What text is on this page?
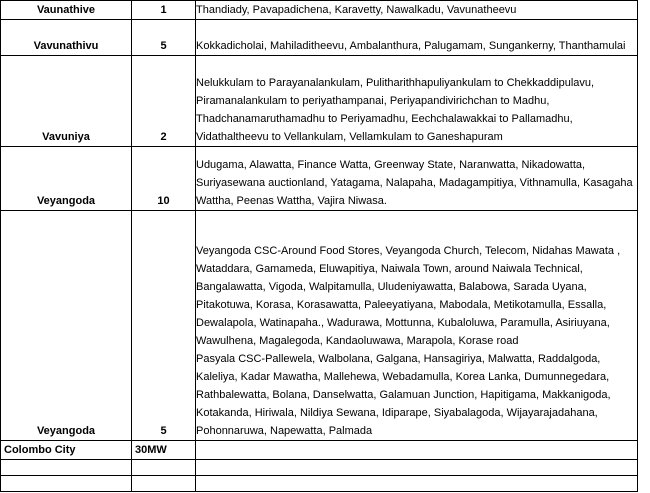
Vaunathive	1	Thandiady, Pavapadichena, Karavetty, Nawalkadu, Vavunatheevu

Vavunathivu	5	Kokkadicholai, Mahiladitheevu, Ambalanthura, Palugamam, Sungankerny, Thanthamulai

Vavuniya	2	Nelukkulam to Parayanalankulam, Pulitharithhapuliyankulam to Chekkaddipulavu, Piramanalankulam to periyathampanai, Periyapandivirichchan to Madhu, Thadchanamaruthamadhu to Periyamadhu, Eechchalawakkai to Pallamadhu, Vidathaltheevu to Vellankulam, Vellamkulam to Ganeshapuram

Veyangoda	10	Udugama, Alawatta, Finance Watta, Greenway State, Naranwatta, Nikadowatta, Suriyasewana auctionland, Yatagama, Nalapaha, Madagampitiya, Vithnamulla, Kasagaha Wattha, Peenas Wattha, Vajira Niwasa.

Veyangoda	5	Veyangoda CSC-Around Food Stores, Veyangoda Church, Telecom, Nidahas Mawata , Wataddara, Gamameda, Eluwapitiya, Naiwala Town, around Naiwala Technical, Bangalawatta, Vigoda, Walpitamulla, Uludeniyawatta, Balabowa, Sarada Uyana, Pitakotuwa, Korasa, Korasawatta, Paleeyatiyana, Mabodala, Metikotamulla, Essalla, Dewalapola, Watinapaha., Wadurawa, Mottunna, Kubaloluwa, Paramulla, Asiriuyana, Wawulhena, Magalegoda, Kandaoluwawa, Marapola, Korase road
Pasyala CSC-Pallewela, Walbolana, Galgana, Hansagiriya, Malwatta, Raddalgoda, Kaleliya, Kadar Mawatha, Mallehewa, Webadamulla, Korea Lanka, Dumunnegedara, Rathbalewatta, Bolana, Danselwatta, Galamuan Junction, Hapitigama, Makkanigoda, Kotakanda, Hiriwala, Nildiya Sewana, Idiparape, Siyabalagoda, Wijayarajadahana, Pohonnaruwa, Napewatta, Palmada

Colombo City	30MW	
